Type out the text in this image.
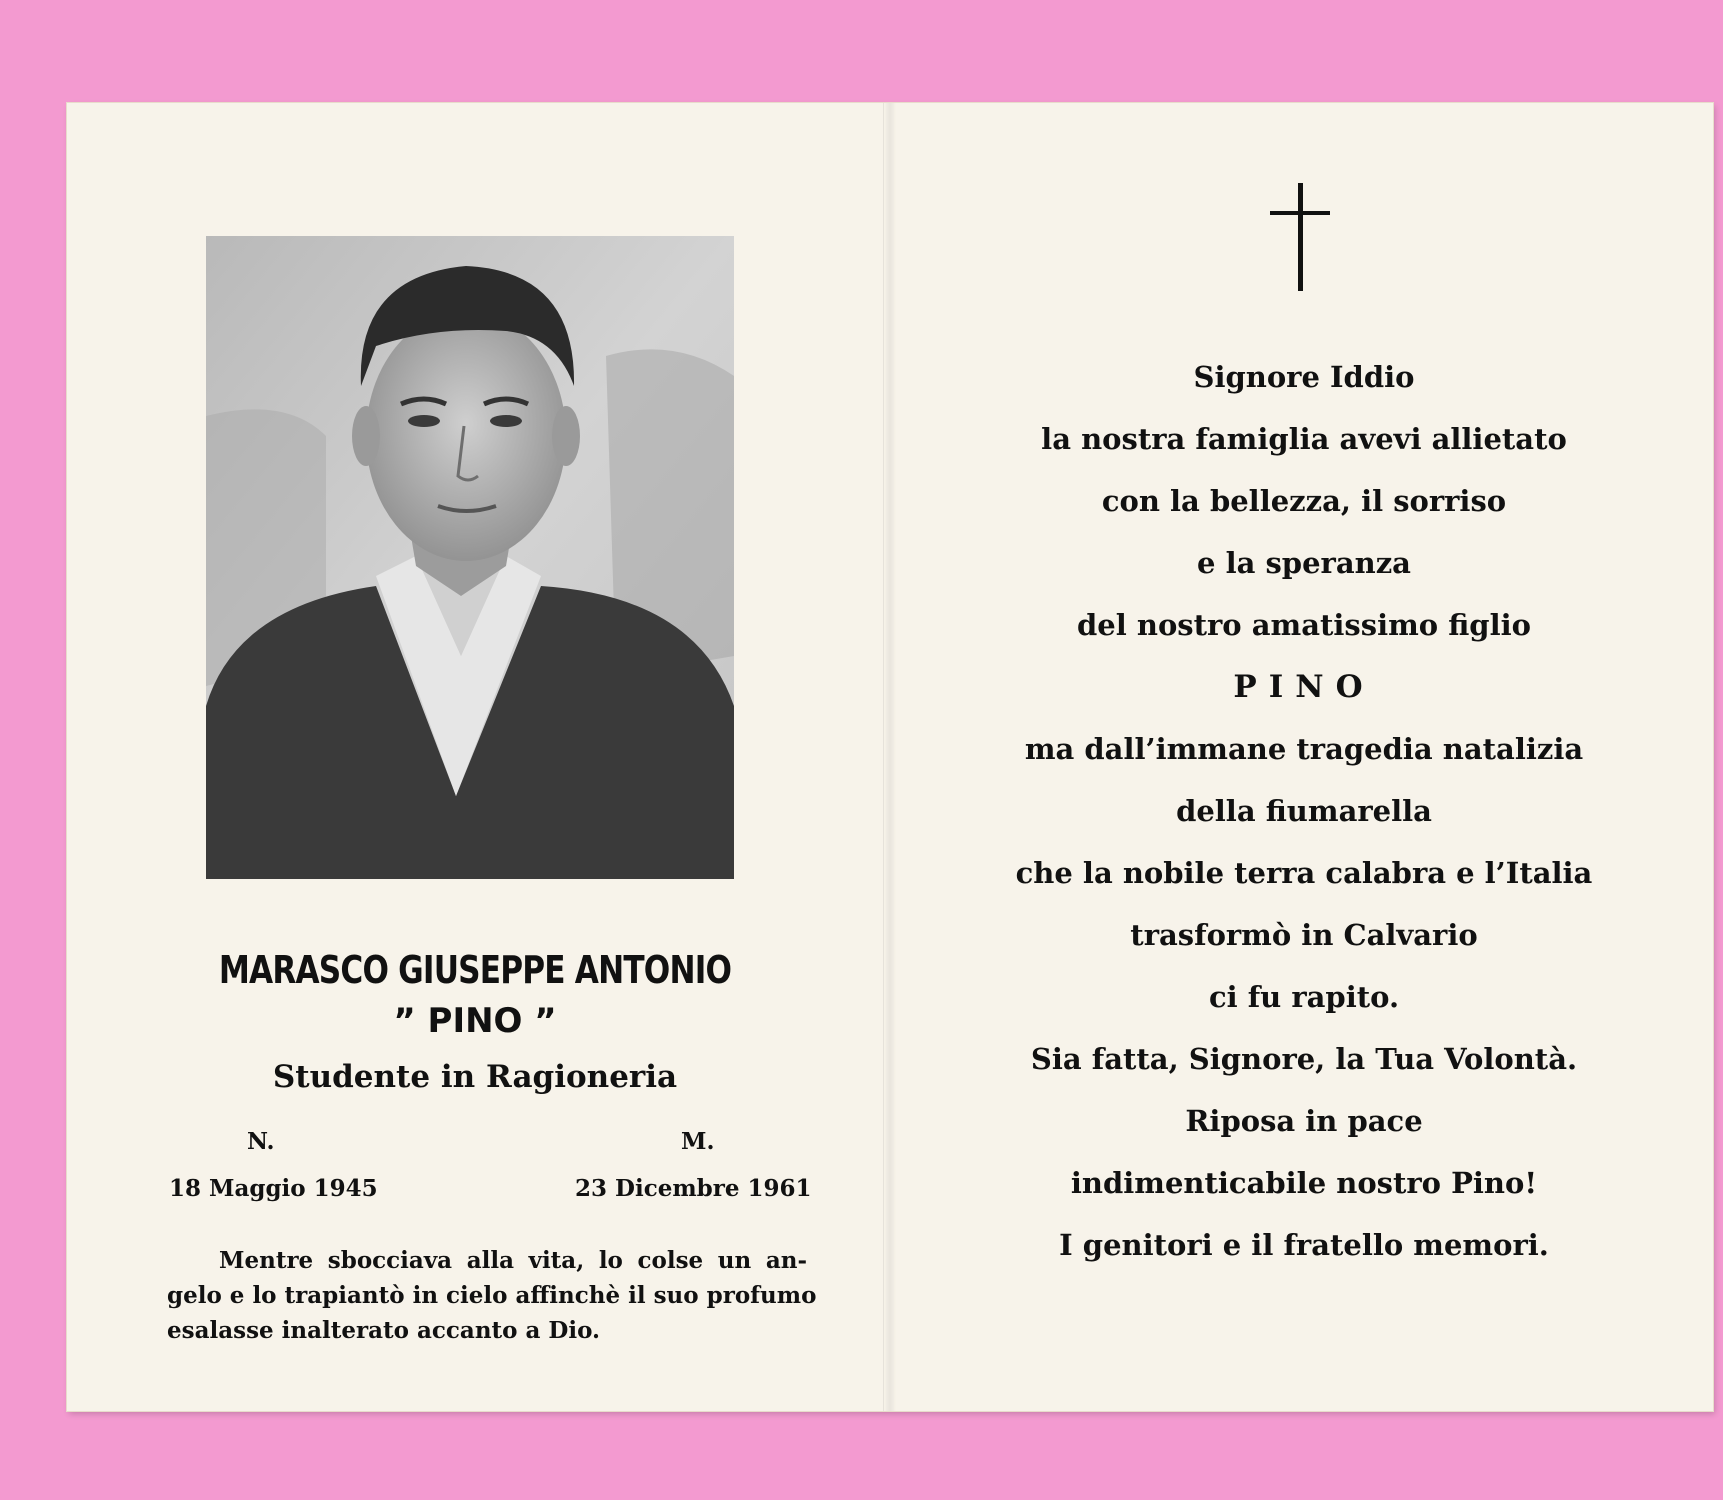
MARASCO GIUSEPPE ANTONIO
” PINO ”
Studente in Ragioneria
N.	M.
18 Maggio 1945	23 Dicembre 1961
Mentre sbocciava alla vita, lo colse un an-
gelo e lo trapiantò in cielo affinchè il suo profumo
esalasse inalterato accanto a Dio.
Signore Iddio
la nostra famiglia avevi allietato
con la bellezza, il sorriso
e la speranza
del nostro amatissimo figlio
PINO
ma dall’immane tragedia natalizia
della fiumarella
che la nobile terra calabra e l’Italia
trasformò in Calvario
ci fu rapito.
Sia fatta, Signore, la Tua Volontà.
Riposa in pace
indimenticabile nostro Pino!
I genitori e il fratello memori.
